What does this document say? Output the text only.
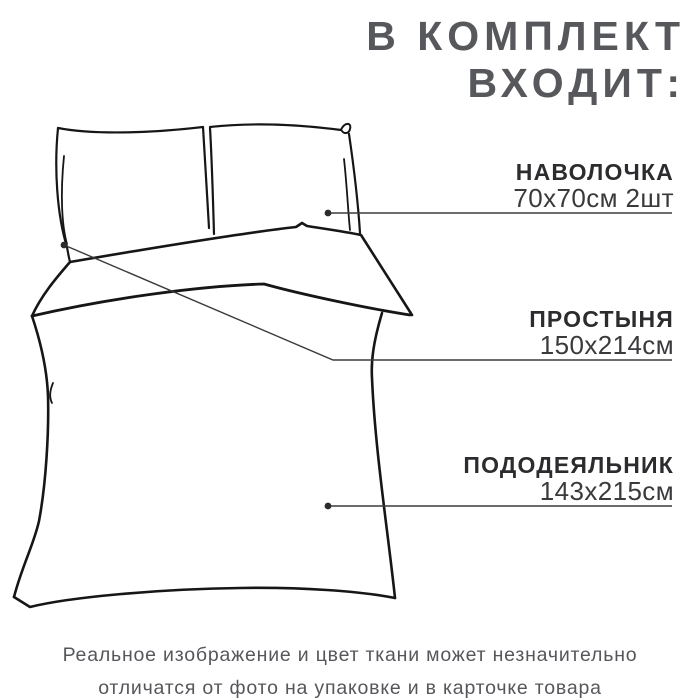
В КОМПЛЕКТ
ВХОДИТ:
НАВОЛОЧКА
70х70см 2шт
ПРОСТЫНЯ
150х214см
ПОДОДЕЯЛЬНИК
143х215см
Реальное изображение и цвет ткани может незначительно
отличатся от фото на упаковке и в карточке товара
